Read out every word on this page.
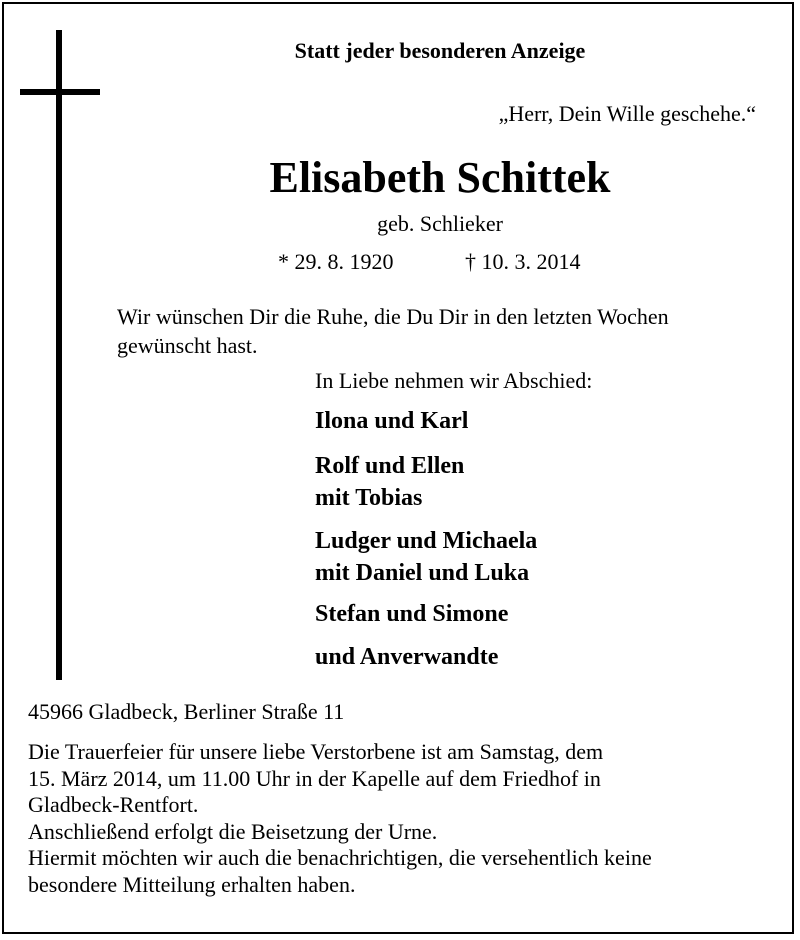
Statt jeder besonderen Anzeige
„Herr, Dein Wille geschehe.“
Elisabeth Schittek
geb. Schlieker
* 29. 8. 1920	† 10. 3. 2014
Wir wünschen Dir die Ruhe, die Du Dir in den letzten Wochen
gewünscht hast.
In Liebe nehmen wir Abschied:
Ilona und Karl
Rolf und Ellen
mit Tobias
Ludger und Michaela
mit Daniel und Luka
Stefan und Simone
und Anverwandte
45966 Gladbeck, Berliner Straße 11
Die Trauerfeier für unsere liebe Verstorbene ist am Samstag, dem
15. März 2014, um 11.00 Uhr in der Kapelle auf dem Friedhof in
Gladbeck-Rentfort.
Anschließend erfolgt die Beisetzung der Urne.
Hiermit möchten wir auch die benachrichtigen, die versehentlich keine
besondere Mitteilung erhalten haben.
